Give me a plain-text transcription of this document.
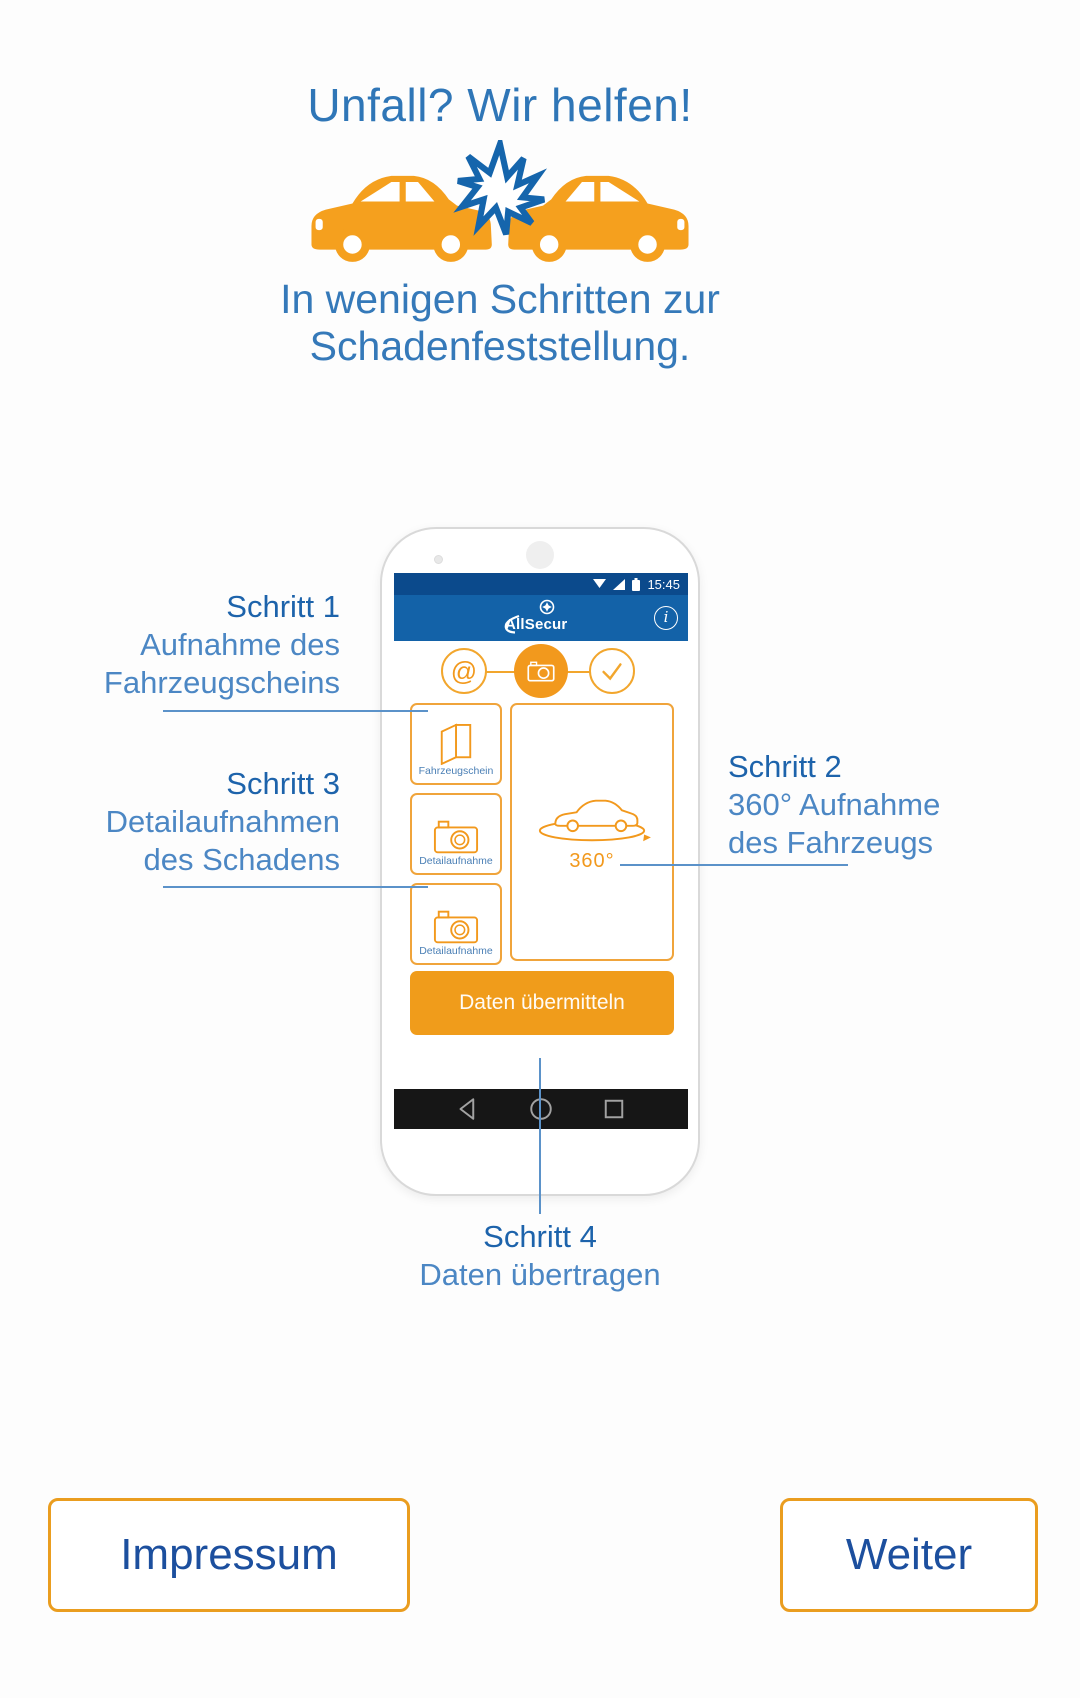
Unfall? Wir helfen!
In wenigen Schritten zur
Schadenfeststellung.
15:45
AllSecur	i
@
Fahrzeugschein
Detailaufnahme
Detailaufnahme
360°
Daten übermitteln
Schritt 1
Aufnahme des
Fahrzeugscheins
Schritt 3
Detailaufnahmen
des Schadens
Schritt 2
360° Aufnahme
des Fahrzeugs
Schritt 4
Daten übertragen
Impressum	Weiter
